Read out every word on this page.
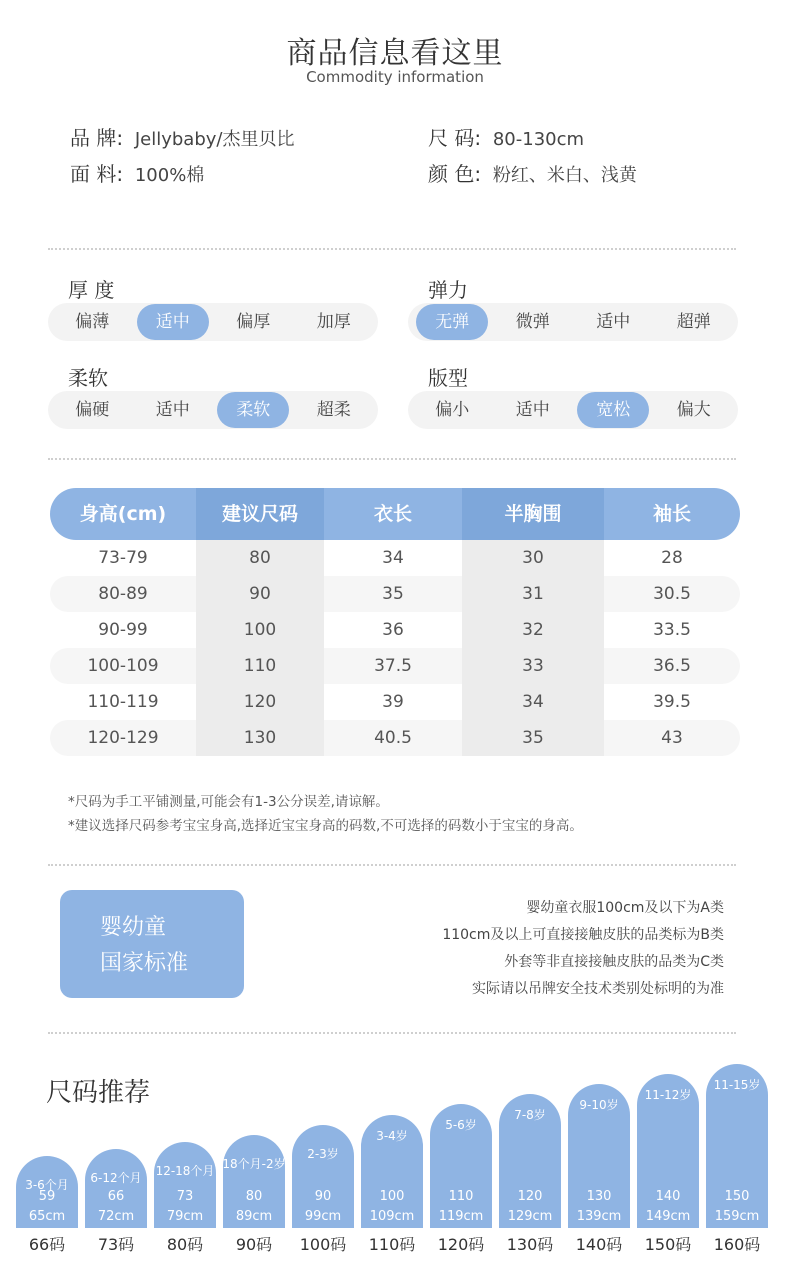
商品信息看这里
Commodity information
品 牌: Jellybaby/杰里贝比	尺 码: 80-130cm
面 料: 100%棉	颜 色: 粉红、米白、浅黄
厚 度
偏薄	适中	偏厚	加厚
弹力
无弹	微弹	适中	超弹
柔软
偏硬	适中	柔软	超柔
版型
偏小	适中	宽松	偏大
身高(cm)	建议尺码	衣长	半胸围	袖长
73-79	80	34	30	28
80-89	90	35	31	30.5
90-99	100	36	32	33.5
100-109	110	37.5	33	36.5
110-119	120	39	34	39.5
120-129	130	40.5	35	43
*尺码为手工平铺测量,可能会有1-3公分误差,请谅解。
*建议选择尺码参考宝宝身高,选择近宝宝身高的码数,不可选择的码数小于宝宝的身高。
婴幼童
国家标准
婴幼童衣服100cm及以下为A类
110cm及以上可直接接触皮肤的品类标为B类
外套等非直接接触皮肤的品类为C类
实际请以吊牌安全技术类别处标明的为准
尺码推荐
3-6个月
59
65cm
66码
6-12个月
66
72cm
73码
12-18个月
73
79cm
80码
18个月-2岁
80
89cm
90码
2-3岁
90
99cm
100码
3-4岁
100
109cm
110码
5-6岁
110
119cm
120码
7-8岁
120
129cm
130码
9-10岁
130
139cm
140码
11-12岁
140
149cm
150码
11-15岁
150
159cm
160码
